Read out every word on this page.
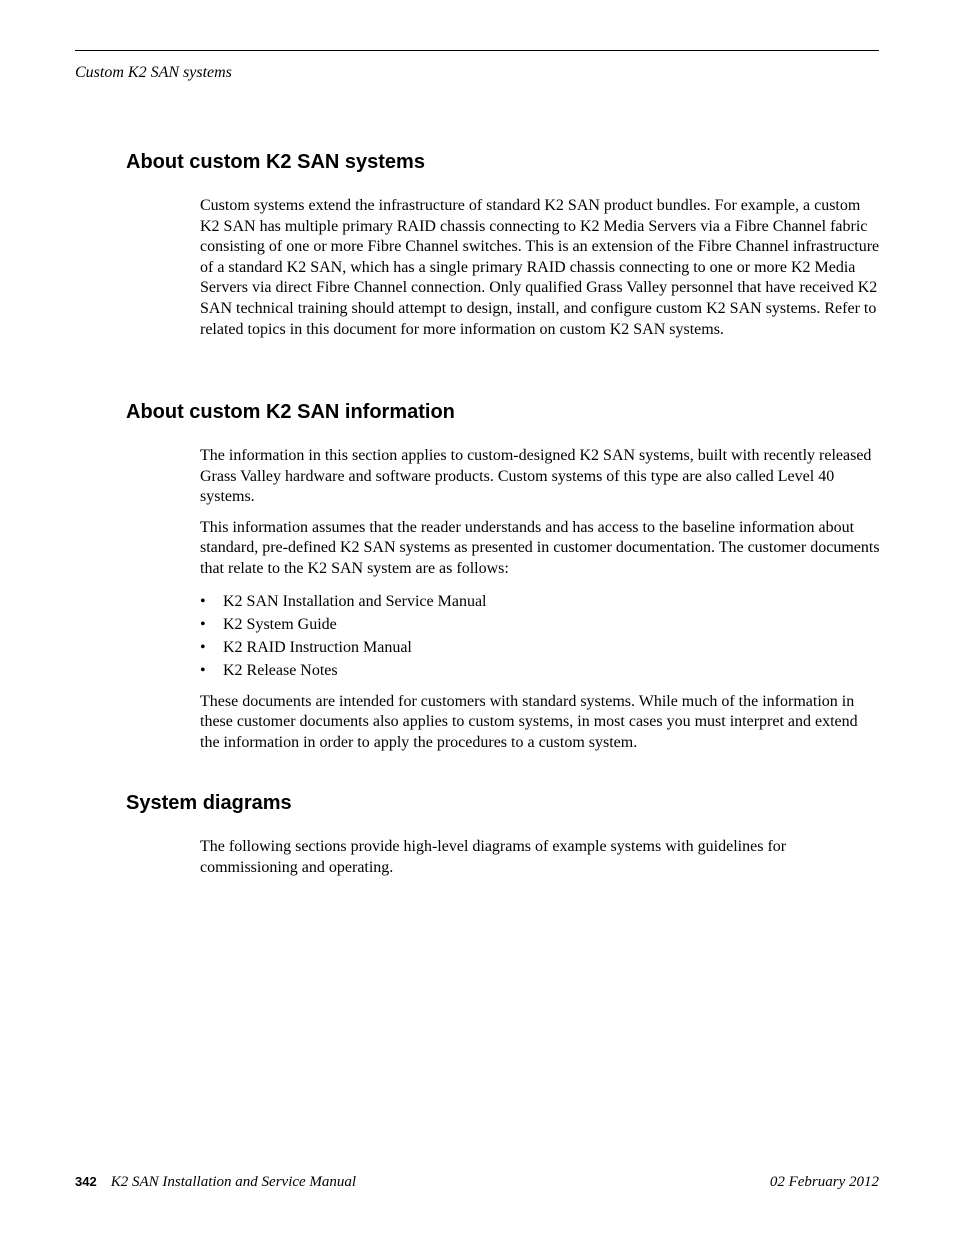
Custom K2 SAN systems
About custom K2 SAN systems

Custom systems extend the infrastructure of standard K2 SAN product bundles. For example, a custom K2 SAN has multiple primary RAID chassis connecting to K2 Media Servers via a Fibre Channel fabric consisting of one or more Fibre Channel switches. This is an extension of the Fibre Channel infrastructure of a standard K2 SAN, which has a single primary RAID chassis connecting to one or more K2 Media Servers via direct Fibre Channel connection. Only qualified Grass Valley personnel that have received K2 SAN technical training should attempt to design, install, and configure custom K2 SAN systems. Refer to related topics in this document for more information on custom K2 SAN systems.

About custom K2 SAN information

The information in this section applies to custom-designed K2 SAN systems, built with recently released Grass Valley hardware and software products. Custom systems of this type are also called Level 40 systems.

This information assumes that the reader understands and has access to the baseline information about standard, pre-defined K2 SAN systems as presented in customer documentation. The customer documents that relate to the K2 SAN system are as follows:

• K2 SAN Installation and Service Manual
• K2 System Guide
• K2 RAID Instruction Manual
• K2 Release Notes

These documents are intended for customers with standard systems. While much of the information in these customer documents also applies to custom systems, in most cases you must interpret and extend the information in order to apply the procedures to a custom system.

System diagrams

The following sections provide high-level diagrams of example systems with guidelines for commissioning and operating.

342 K2 SAN Installation and Service Manual	02 February 2012
